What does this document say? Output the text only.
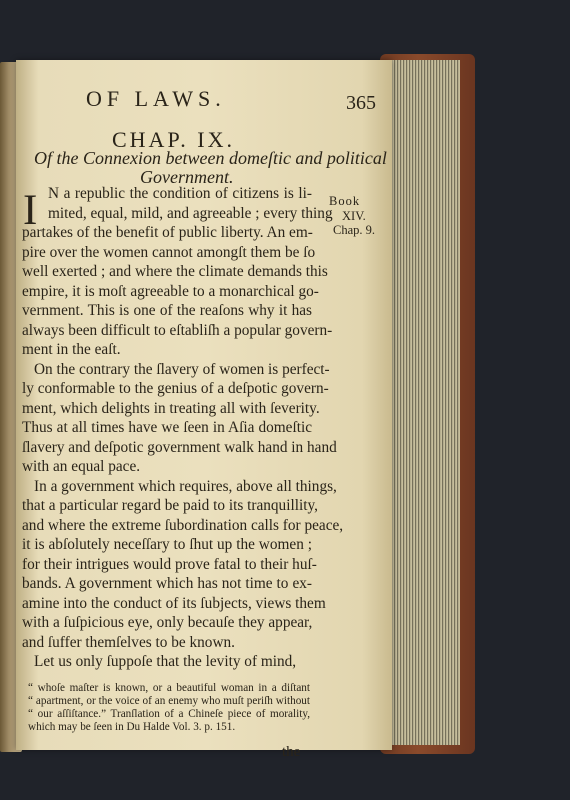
OF LAWS.	365
CHAP. IX.
Of the Connexion between domeſtic and political
Government.
I	Book
XIV.
Chap. 9.
N a republic the condition of citizens is li-
mited, equal, mild, and agreeable ; every thing
partakes of the benefit of public liberty. An em-
pire over the women cannot amongſt them be ſo
well exerted ; and where the climate demands this
empire, it is moſt agreeable to a monarchical go-
vernment. This is one of the reaſons why it has
always been difficult to eſtabliſh a popular govern-
ment in the eaſt.
On the contrary the ſlavery of women is perfect-
ly conformable to the genius of a deſpotic govern-
ment, which delights in treating all with ſeverity.
Thus at all times have we ſeen in Aſia domeſtic
ſlavery and deſpotic government walk hand in hand
with an equal pace.
In a government which requires, above all things,
that a particular regard be paid to its tranquillity,
and where the extreme ſubordination calls for peace,
it is abſolutely neceſſary to ſhut up the women ;
for their intrigues would prove fatal to their huſ-
bands. A government which has not time to ex-
amine into the conduct of its ſubjects, views them
with a ſuſpicious eye, only becauſe they appear,
and ſuffer themſelves to be known.
Let us only ſuppoſe that the levity of mind,
“ whoſe maſter is known, or a beautiful woman in a diſtant
“ apartment, or the voice of an enemy who muſt periſh without
“ our aſſiſtance.” Tranſlation of a Chineſe piece of morality,
which may be ſeen in Du Halde Vol. 3. p. 151.
the
